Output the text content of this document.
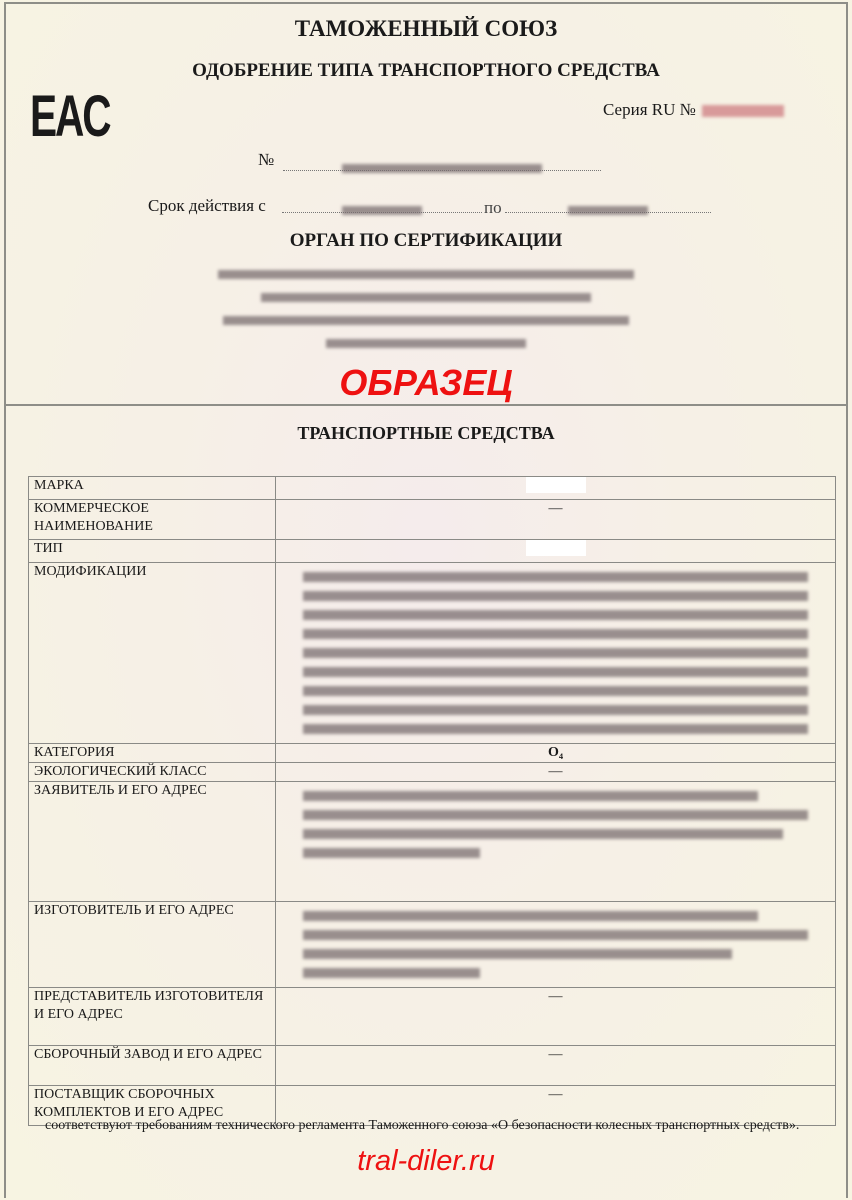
ТАМОЖЕННЫЙ СОЮЗ
ОДОБРЕНИЕ ТИПА ТРАНСПОРТНОГО СРЕДСТВА
EAC	Серия RU №
№
Срок действия с	по
ОРГАН ПО СЕРТИФИКАЦИИ
ОБРАЗЕЦ
ТРАНСПОРТНЫЕ СРЕДСТВА
МАРКА	
КОММЕРЧЕСКОЕ НАИМЕНОВАНИЕ	—
ТИП	
МОДИФИКАЦИИ	

КАТЕГОРИЯ	O₄
ЭКОЛОГИЧЕСКИЙ КЛАСС	—
ЗАЯВИТЕЛЬ И ЕГО АДРЕС	

ИЗГОТОВИТЕЛЬ И ЕГО АДРЕС	

ПРЕДСТАВИТЕЛЬ ИЗГОТОВИТЕЛЯ И ЕГО АДРЕС	—
СБОРОЧНЫЙ ЗАВОД И ЕГО АДРЕС	—
ПОСТАВЩИК СБОРОЧНЫХ КОМПЛЕКТОВ И ЕГО АДРЕС	—
соответствуют требованиям технического регламента Таможенного союза «О безопасности колесных транспортных средств».
tral-diler.ru
